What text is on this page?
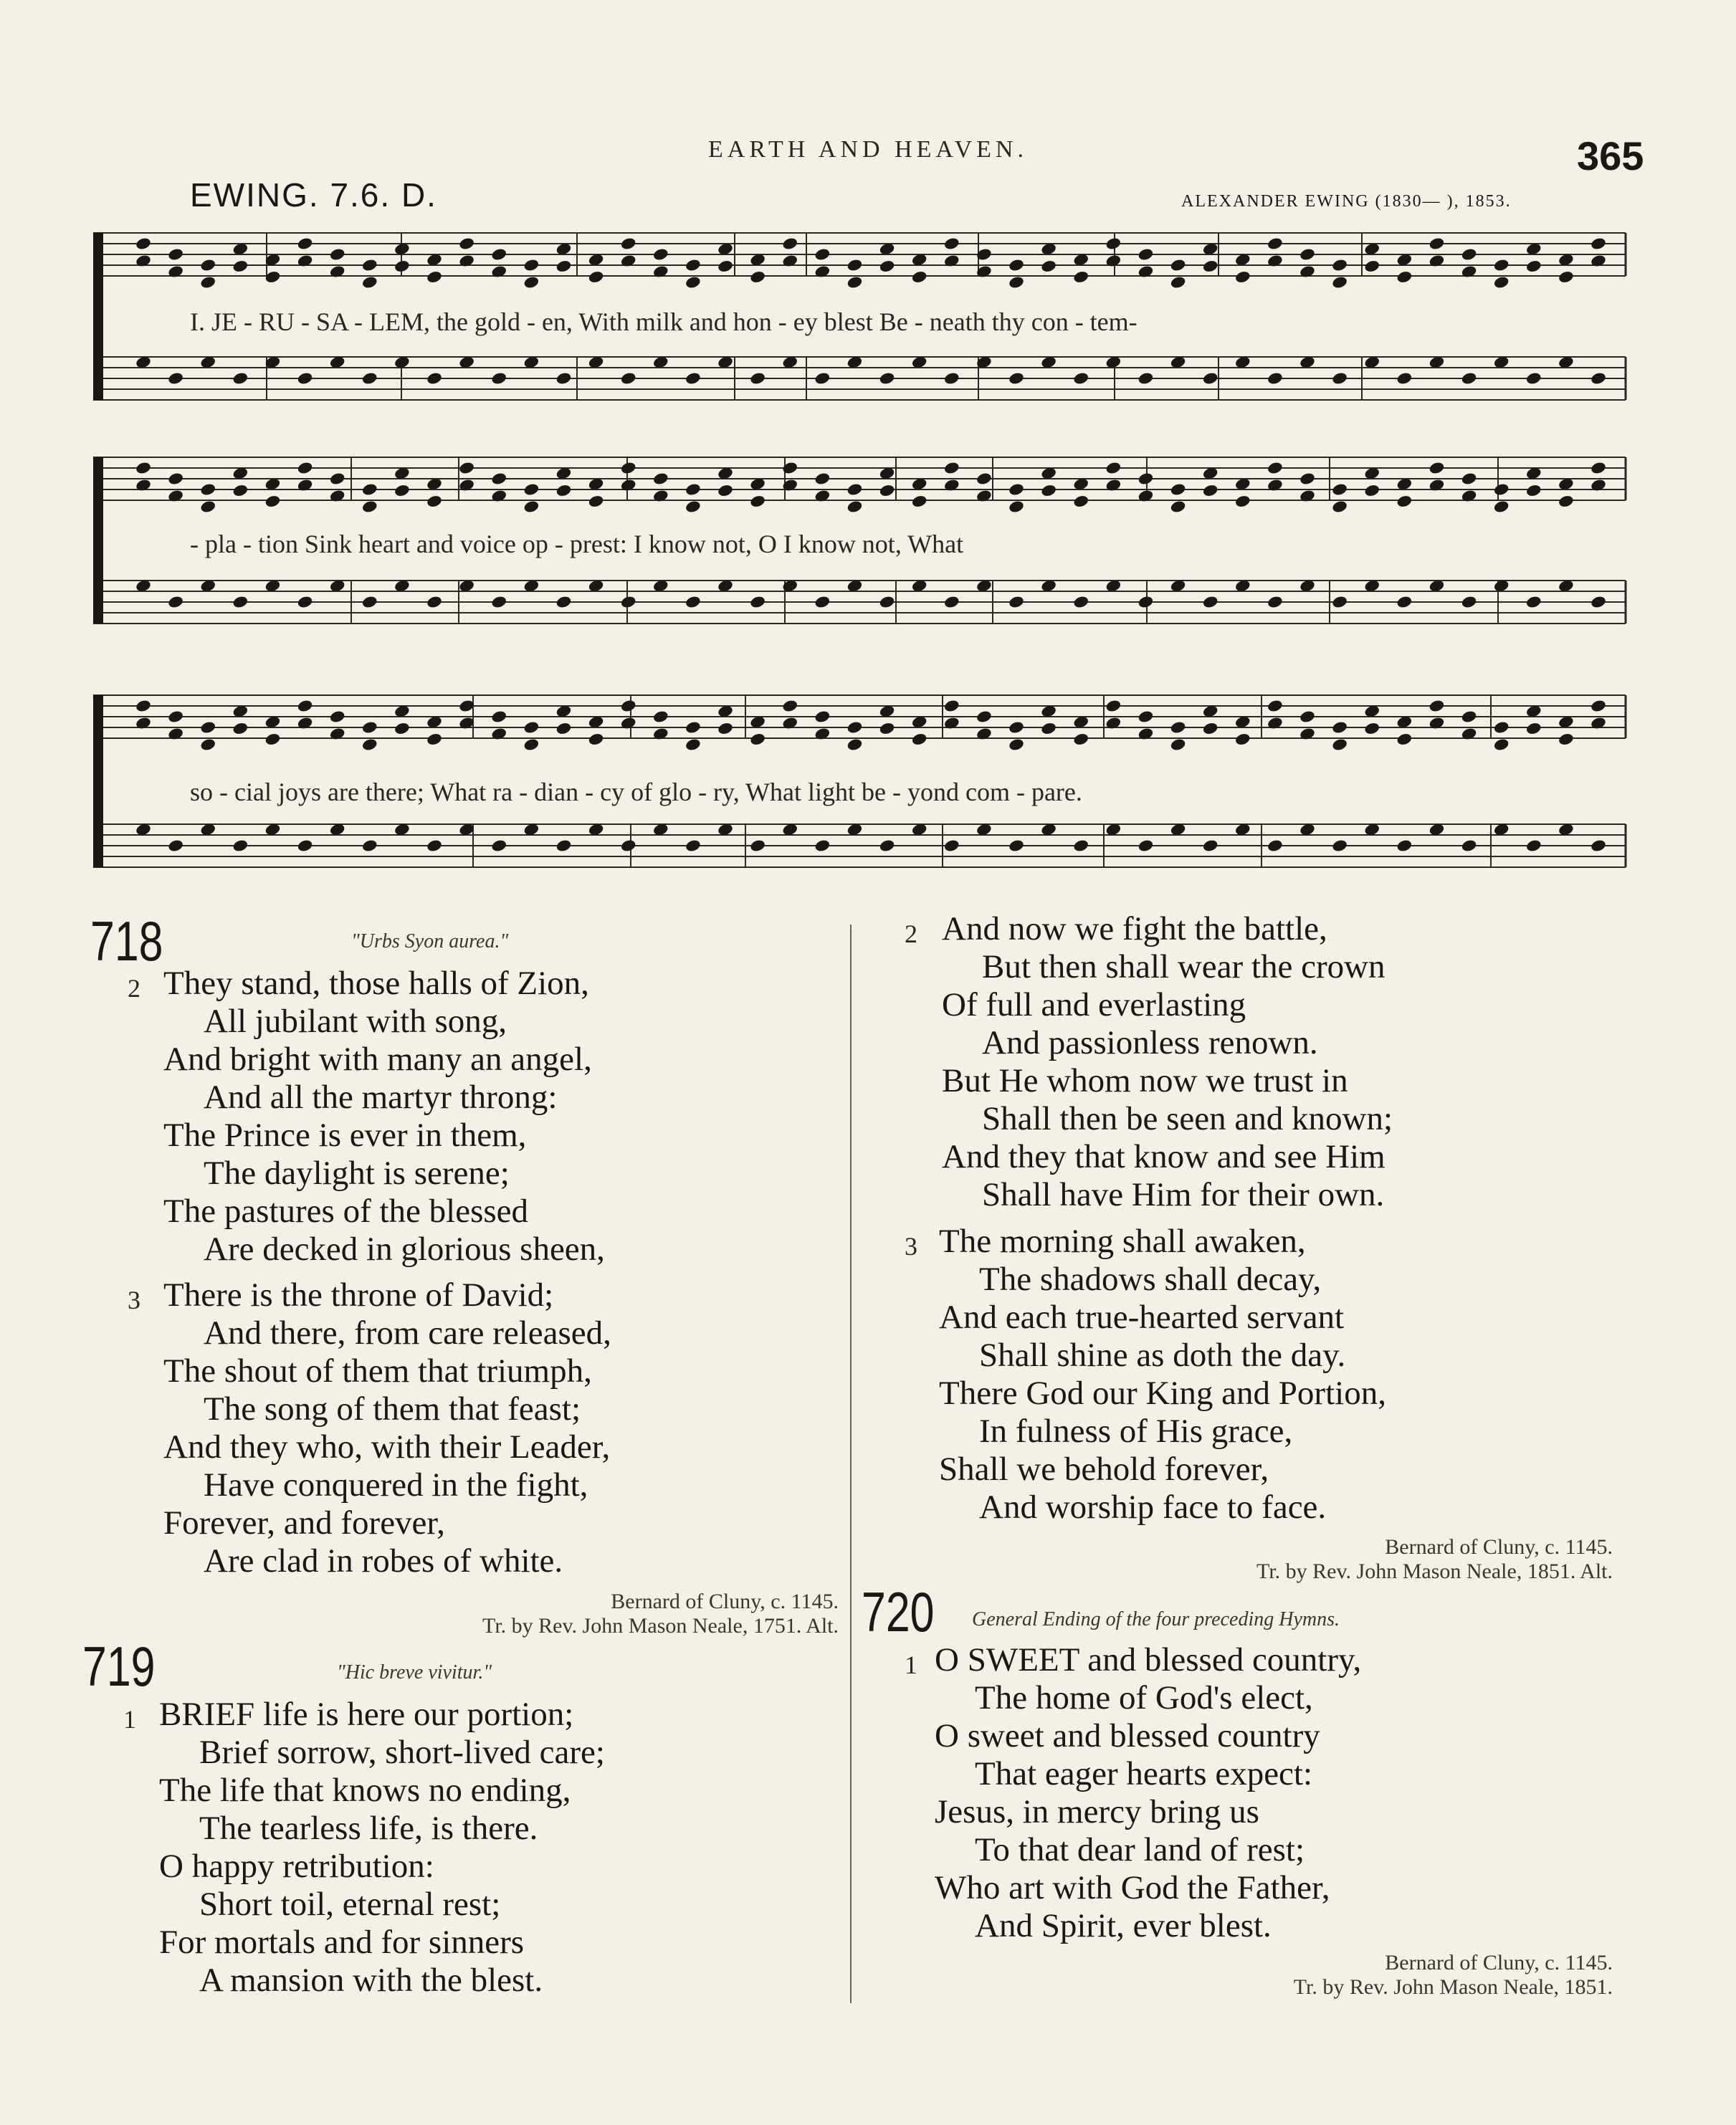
EARTH AND HEAVEN.	365
EWING. 7.6. D.	ALEXANDER EWING (1830— ), 1853.
I. JE - RU - SA - LEM, the gold - en, With milk and hon - ey blest Be - neath thy con - tem-
- pla - tion Sink heart and voice op - prest: I know not, O I know not, What
so - cial joys are there; What ra - dian - cy of glo - ry, What light be - yond com - pare.
718	"Urbs Syon aurea."
2 They stand, those halls of Zion,
All jubilant with song,
And bright with many an angel,
And all the martyr throng:
The Prince is ever in them,
The daylight is serene;
The pastures of the blessed
Are decked in glorious sheen,
3 There is the throne of David;
And there, from care released,
The shout of them that triumph,
The song of them that feast;
And they who, with their Leader,
Have conquered in the fight,
Forever, and forever,
Are clad in robes of white.
Bernard of Cluny, c. 1145.
Tr. by Rev. John Mason Neale, 1751. Alt.
719	"Hic breve vivitur."
1 BRIEF life is here our portion;
Brief sorrow, short-lived care;
The life that knows no ending,
The tearless life, is there.
O happy retribution:
Short toil, eternal rest;
For mortals and for sinners
A mansion with the blest.
2 And now we fight the battle,
But then shall wear the crown
Of full and everlasting
And passionless renown.
But He whom now we trust in
Shall then be seen and known;
And they that know and see Him
Shall have Him for their own.
3 The morning shall awaken,
The shadows shall decay,
And each true-hearted servant
Shall shine as doth the day.
There God our King and Portion,
In fulness of His grace,
Shall we behold forever,
And worship face to face.
Bernard of Cluny, c. 1145.
Tr. by Rev. John Mason Neale, 1851. Alt.
720 General Ending of the four preceding Hymns.
1 O SWEET and blessed country,
The home of God's elect,
O sweet and blessed country
That eager hearts expect:
Jesus, in mercy bring us
To that dear land of rest;
Who art with God the Father,
And Spirit, ever blest.
Bernard of Cluny, c. 1145.
Tr. by Rev. John Mason Neale, 1851.
